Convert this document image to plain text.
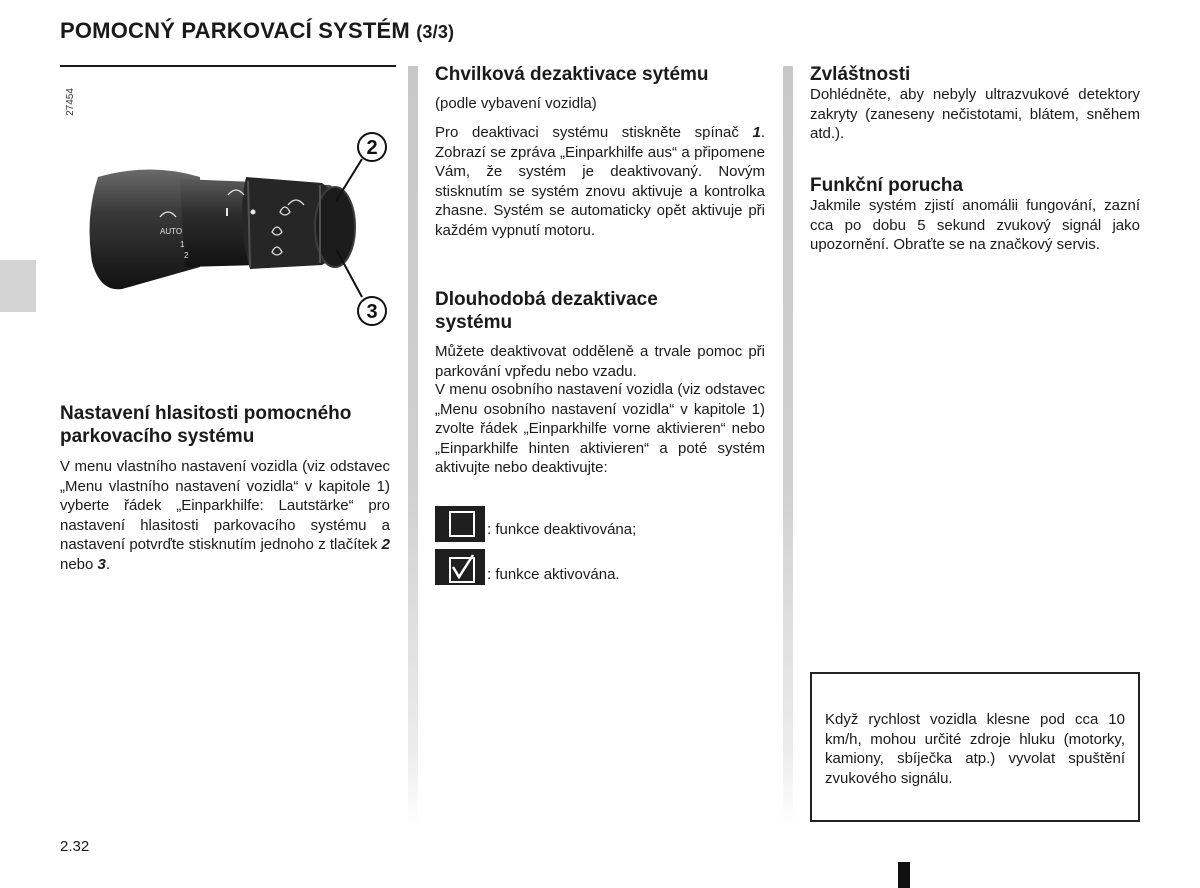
POMOCNÝ PARKOVACÍ SYSTÉM (3/3)
AUTO
1
2
2
3
27454
Nastavení hlasitosti pomocného parkovacího systému
V menu vlastního nastavení vozidla (viz odstavec „Menu vlastního nastavení vozidla“ v kapitole 1) vyberte řádek „Einparkhilfe: Lautstärke“ pro nastavení hlasitosti parkovacího systému a nastavení potvrďte stisknutím jednoho z tlačítek 2 nebo 3.
Chvilková dezaktivace sytému
(podle vybavení vozidla)
Pro deaktivaci systému stiskněte spínač 1. Zobrazí se zpráva „Einparkhilfe aus“ a připomene Vám, že systém je deaktivovaný. Novým stisknutím se systém znovu aktivuje a kontrolka zhasne. Systém se automaticky opět aktivuje při každém vypnutí motoru.
Dlouhodobá dezaktivace systému
Můžete deaktivovat odděleně a trvale pomoc při parkování vpředu nebo vzadu.
V menu osobního nastavení vozidla (viz odstavec „Menu osobního nastavení vozidla“ v kapitole 1) zvolte řádek „Einparkhilfe vorne aktivieren“ nebo „Einparkhilfe hinten aktivieren“ a poté systém aktivujte nebo deaktivujte:
: funkce deaktivována;
: funkce aktivována.
Zvláštnosti
Dohlédněte, aby nebyly ultrazvukové detektory zakryty (zaneseny nečistotami, blátem, sněhem atd.).
Funkční porucha
Jakmile systém zjistí anomálii fungování, zazní cca po dobu 5 sekund zvukový signál jako upozornění. Obraťte se na značkový servis.
Když rychlost vozidla klesne pod cca 10 km/h, mohou určité zdroje hluku (motorky, kamiony, sbíječka atp.) vyvolat spuštění zvukového signálu.
2.32
